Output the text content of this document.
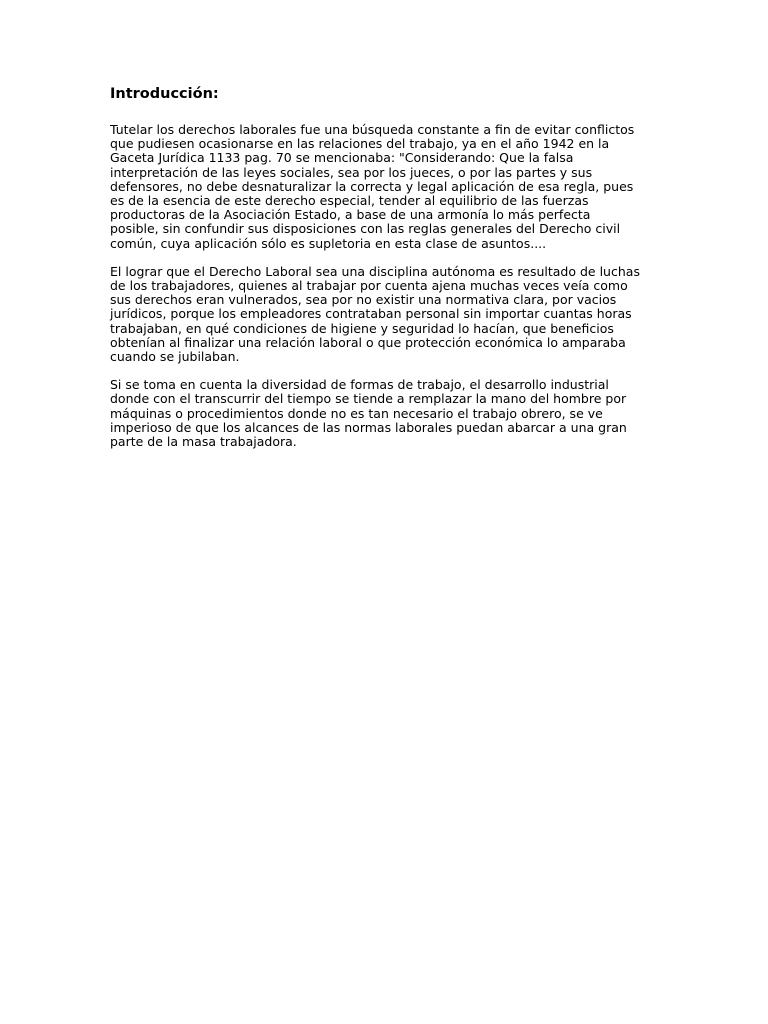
Introducción:
Tutelar los derechos laborales fue una búsqueda constante a fin de evitar conflictos
que pudiesen ocasionarse en las relaciones del trabajo, ya en el año 1942 en la
Gaceta Jurídica 1133 pag. 70 se mencionaba: "Considerando: Que la falsa
interpretación de las leyes sociales, sea por los jueces, o por las partes y sus
defensores, no debe desnaturalizar la correcta y legal aplicación de esa regla, pues
es de la esencia de este derecho especial, tender al equilibrio de las fuerzas
productoras de la Asociación Estado, a base de una armonía lo más perfecta
posible, sin confundir sus disposiciones con las reglas generales del Derecho civil
común, cuya aplicación sólo es supletoria en esta clase de asuntos....
El lograr que el Derecho Laboral sea una disciplina autónoma es resultado de luchas
de los trabajadores, quienes al trabajar por cuenta ajena muchas veces veía como
sus derechos eran vulnerados, sea por no existir una normativa clara, por vacios
jurídicos, porque los empleadores contrataban personal sin importar cuantas horas
trabajaban, en qué condiciones de higiene y seguridad lo hacían, que beneficios
obtenían al finalizar una relación laboral o que protección económica lo amparaba
cuando se jubilaban.
Si se toma en cuenta la diversidad de formas de trabajo, el desarrollo industrial
donde con el transcurrir del tiempo se tiende a remplazar la mano del hombre por
máquinas o procedimientos donde no es tan necesario el trabajo obrero, se ve
imperioso de que los alcances de las normas laborales puedan abarcar a una gran
parte de la masa trabajadora.
